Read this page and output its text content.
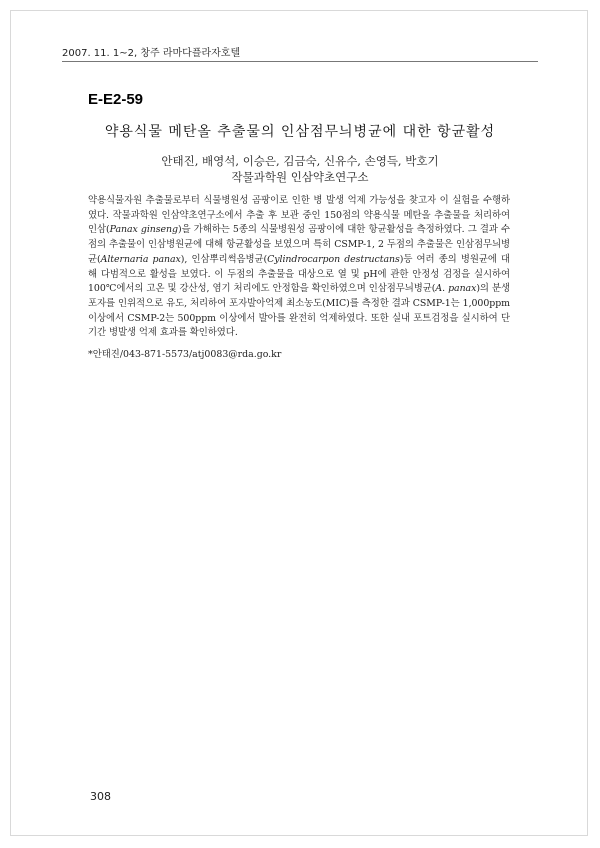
2007. 11. 1~2, 창주 라마다플라자호텔
E-E2-59
약용식물 메탄올 추출물의 인삼점무늬병균에 대한 항균활성
안태진, 배영석, 이승은, 김금숙, 신유수, 손영득, 박호기
작물과학원 인삼약초연구소

약용식물자원 추출물로부터 식물병원성 곰팡이로 인한 병 발생 억제 가능성을 찾고자 이 실험을 수행하였다. 작물과학원 인삼약초연구소에서 추출 후 보관 중인 150점의 약용식물 메탄올 추출물을 처리하여 인삼(Panax ginseng)을 가해하는 5종의 식물병원성 곰팡이에 대한 항균활성을 측정하였다. 그 결과 수점의 추출물이 인삼병원균에 대해 항균활성을 보였으며 특히 CSMP-1, 2 두점의 추출물은 인삼점무늬병균(Alternaria panax), 인삼뿌리썩음병균(Cylindrocarpon destructans)등 여러 종의 병원균에 대해 다범적으로 활성을 보였다. 이 두점의 추출물을 대상으로 열 및 pH에 관한 안정성 검정을 실시하여 100℃에서의 고온 및 강산성, 염기 처리에도 안정함을 확인하였으며 인삼점무늬병균(A. panax)의 분생포자를 인위적으로 유도, 처리하여 포자발아억제 최소농도(MIC)를 측정한 결과 CSMP-1는 1,000ppm 이상에서 CSMP-2는 500ppm 이상에서 발아를 완전히 억제하였다. 또한 실내 포트검정을 실시하여 단기간 병발생 억제 효과를 확인하였다.

*안태진/043-871-5573/atj0083@rda.go.kr
308
